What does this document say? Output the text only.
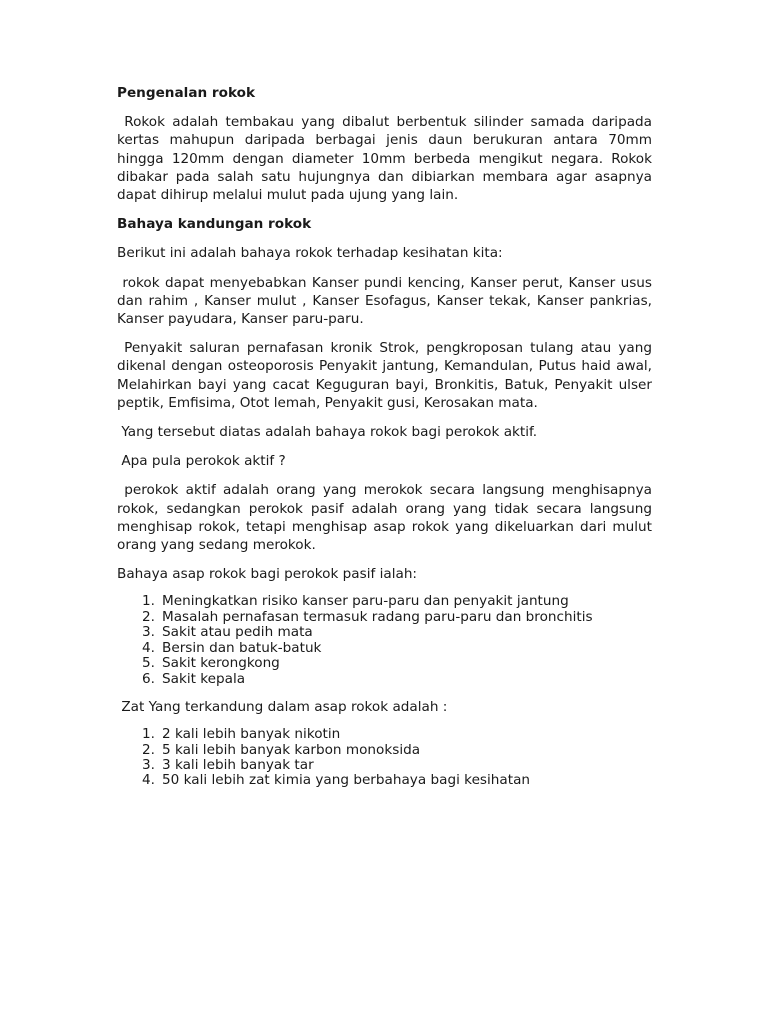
Pengenalan rokok

Rokok adalah tembakau yang dibalut berbentuk silinder samada daripada kertas mahupun daripada berbagai jenis daun berukuran antara 70mm hingga 120mm dengan diameter 10mm berbeda mengikut negara. Rokok dibakar pada salah satu hujungnya dan dibiarkan membara agar asapnya dapat dihirup melalui mulut pada ujung yang lain.

Bahaya kandungan rokok

Berikut ini adalah bahaya rokok terhadap kesihatan kita:

rokok dapat menyebabkan Kanser pundi kencing, Kanser perut, Kanser usus dan rahim , Kanser mulut , Kanser Esofagus, Kanser tekak, Kanser pankrias, Kanser payudara, Kanser paru-paru.

Penyakit saluran pernafasan kronik Strok, pengkroposan tulang atau yang dikenal dengan osteoporosis Penyakit jantung, Kemandulan, Putus haid awal, Melahirkan bayi yang cacat Keguguran bayi, Bronkitis, Batuk, Penyakit ulser peptik, Emfisima, Otot lemah, Penyakit gusi, Kerosakan mata.

Yang tersebut diatas adalah bahaya rokok bagi perokok aktif.

Apa pula perokok aktif ?

perokok aktif adalah orang yang merokok secara langsung menghisapnya rokok, sedangkan perokok pasif adalah orang yang tidak secara langsung menghisap rokok, tetapi menghisap asap rokok yang dikeluarkan dari mulut orang yang sedang merokok.

Bahaya asap rokok bagi perokok pasif ialah:

1. Meningkatkan risiko kanser paru-paru dan penyakit jantung
2. Masalah pernafasan termasuk radang paru-paru dan bronchitis
3. Sakit atau pedih mata
4. Bersin dan batuk-batuk
5. Sakit kerongkong
6. Sakit kepala

Zat Yang terkandung dalam asap rokok adalah :

1. 2 kali lebih banyak nikotin
2. 5 kali lebih banyak karbon monoksida
3. 3 kali lebih banyak tar
4. 50 kali lebih zat kimia yang berbahaya bagi kesihatan
